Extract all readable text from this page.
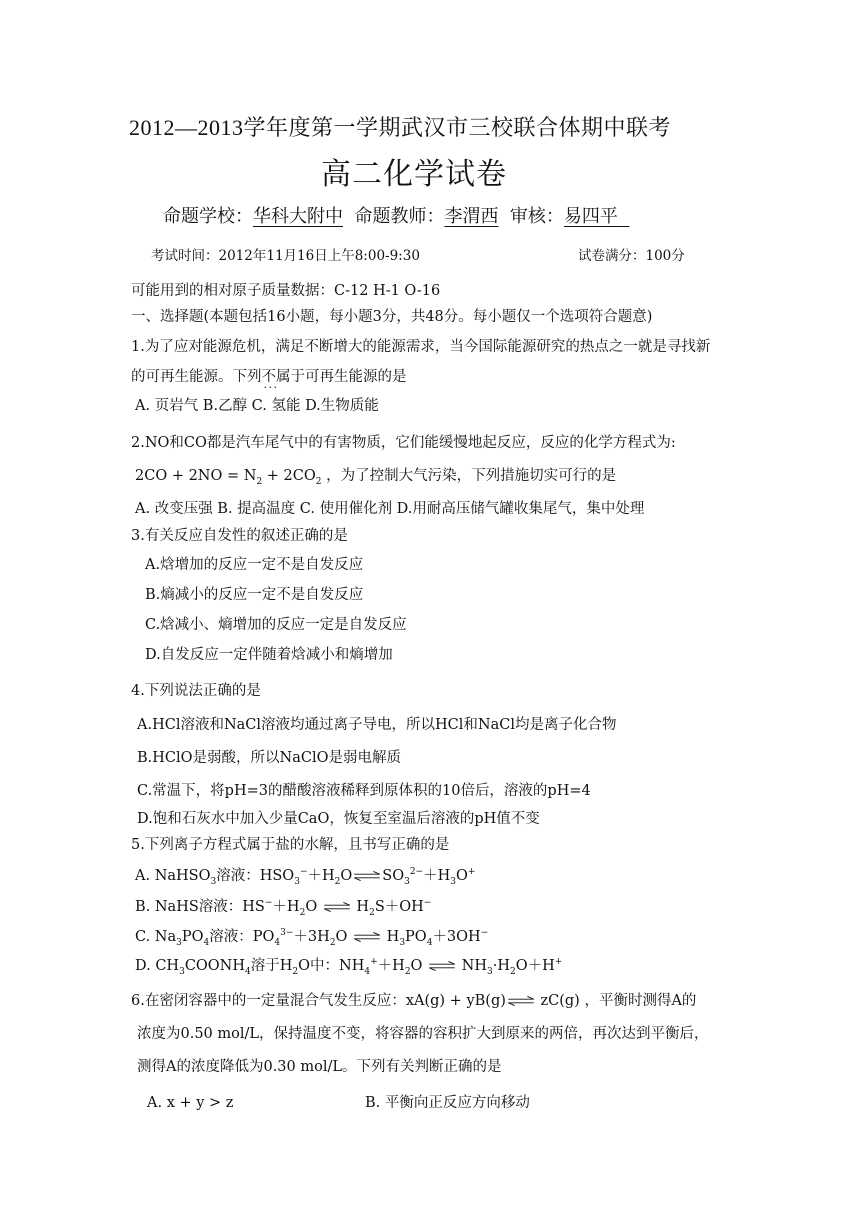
2012—2013学年度第一学期武汉市三校联合体期中联考
高二化学试卷
命题学校：华科大附中 命题教师：李渭西 审核：易四平
考试时间：2012年11月16日上午8:00-9:30	试卷满分：100分
可能用到的相对原子质量数据：C-12 H-1 O-16
一、选择题(本题包括16小题，每小题3分，共48分。每小题仅一个选项符合题意)
1.为了应对能源危机，满足不断增大的能源需求，当今国际能源研究的热点之一就是寻找新
的可再生能源。下列不属于 · · ·可再生能源的是
A. 页岩气 B.乙醇 C. 氢能 D.生物质能
2.NO和CO都是汽车尾气中的有害物质，它们能缓慢地起反应，反应的化学方程式为:
$2CO + 2NO = N_2 + 2CO_2$ ，为了控制大气污染，下列措施切实可行的是
A. 改变压强 B. 提高温度 C. 使用催化剂 D.用耐高压储气罐收集尾气，集中处理
3.有关反应自发性的叙述正确的是
A.焓增加的反应一定不是自发反应
B.熵减小的反应一定不是自发反应
C.焓减小、熵增加的反应一定是自发反应
D.自发反应一定伴随着焓减小和熵增加
4.下列说法正确的是
A.HCl溶液和NaCl溶液均通过离子导电，所以HCl和NaCl均是离子化合物
B.HClO是弱酸，所以NaClO是弱电解质
C.常温下，将pH=3的醋酸溶液稀释到原体积的10倍后，溶液的pH=4
D.饱和石灰水中加入少量CaO，恢复至室温后溶液的pH值不变
5.下列离子方程式属于盐的水解，且书写正确的是
A. NaHSO$_3$溶液：$HSO_3^-+H_2O$ $SO_3^{2-}+H_3O^+$
B. NaHS溶液：$HS^-+H_2O$	$H_2S+OH^-$
C. $Na_3PO_4$溶液：$PO_4^{3-}+3H_2O$	$H_3PO_4+3OH^-$
D. $CH_3COONH_4$溶于$H_2O$中：$NH_4^++H_2O$	$NH_3\cdot H_2O+H^+$
6.在密闭容器中的一定量混合气发生反应：xA(g) + yB(g) zC(g) ，平衡时测得A的
浓度为0.50 mol/L，保持温度不变，将容器的容积扩大到原来的两倍，再次达到平衡后，
测得A的浓度降低为0.30 mol/L。下列有关判断正确的是
A. x + y > z	B. 平衡向正反应方向移动
